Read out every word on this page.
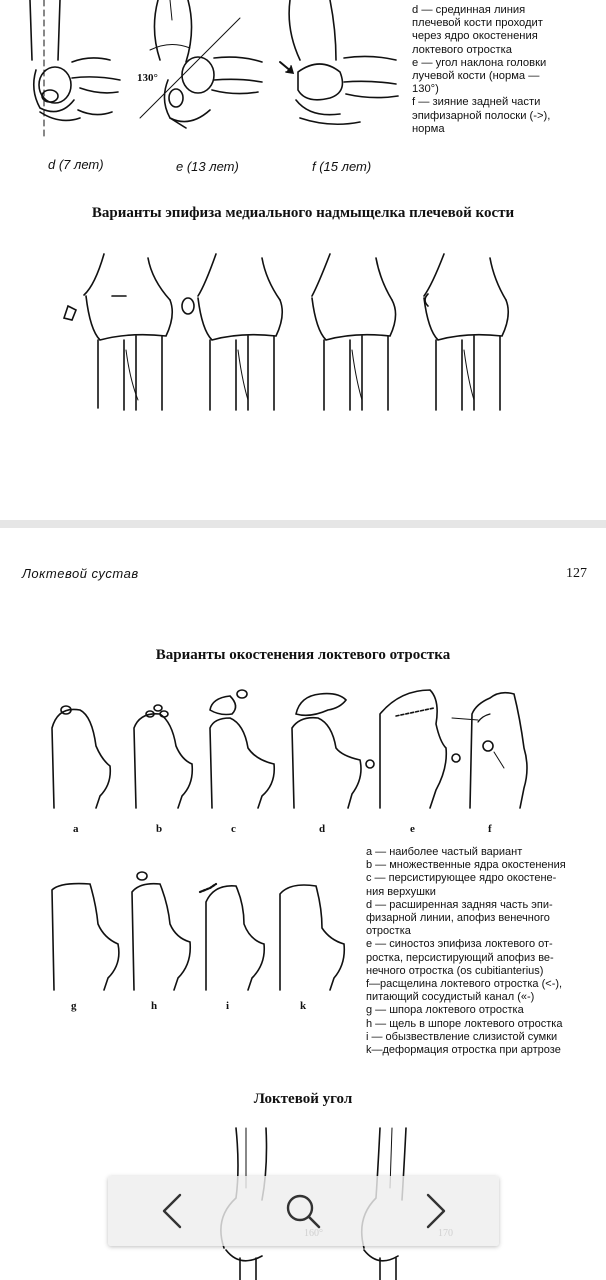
d (7 лет)	e (13 лет)	f (15 лет)
130°
d — срединная линия
плечевой кости проходит
через ядро окостенения
локтевого отростка
e — угол наклона головки
лучевой кости (норма —
130°)
f — зияние задней части
эпифизарной полоски (->),
норма
Варианты эпифиза медиального надмыщелка плечевой кости
Локтевой сустав	127
Варианты окостенения локтевого отростка
a	b	c	d	e	f
g	h	i	k
a — наиболее частый вариант
b — множественные ядра окостенения
c — персистирующее ядро окостене-
ния верхушки
d — расширенная задняя часть эпи-
физарной линии, апофиз венечного
отростка
e — синостоз эпифиза локтевого от-
ростка, персистирующий апофиз ве-
нечного отростка (os cubitianterius)
f—расщелина локтевого отростка (<-),
питающий сосудистый канал («-)
g — шпора локтевого отростка
h — щель в шпоре локтевого отростка
i — обызвествление слизистой сумки
k—деформация отростка при артрозе
Локтевой угол
